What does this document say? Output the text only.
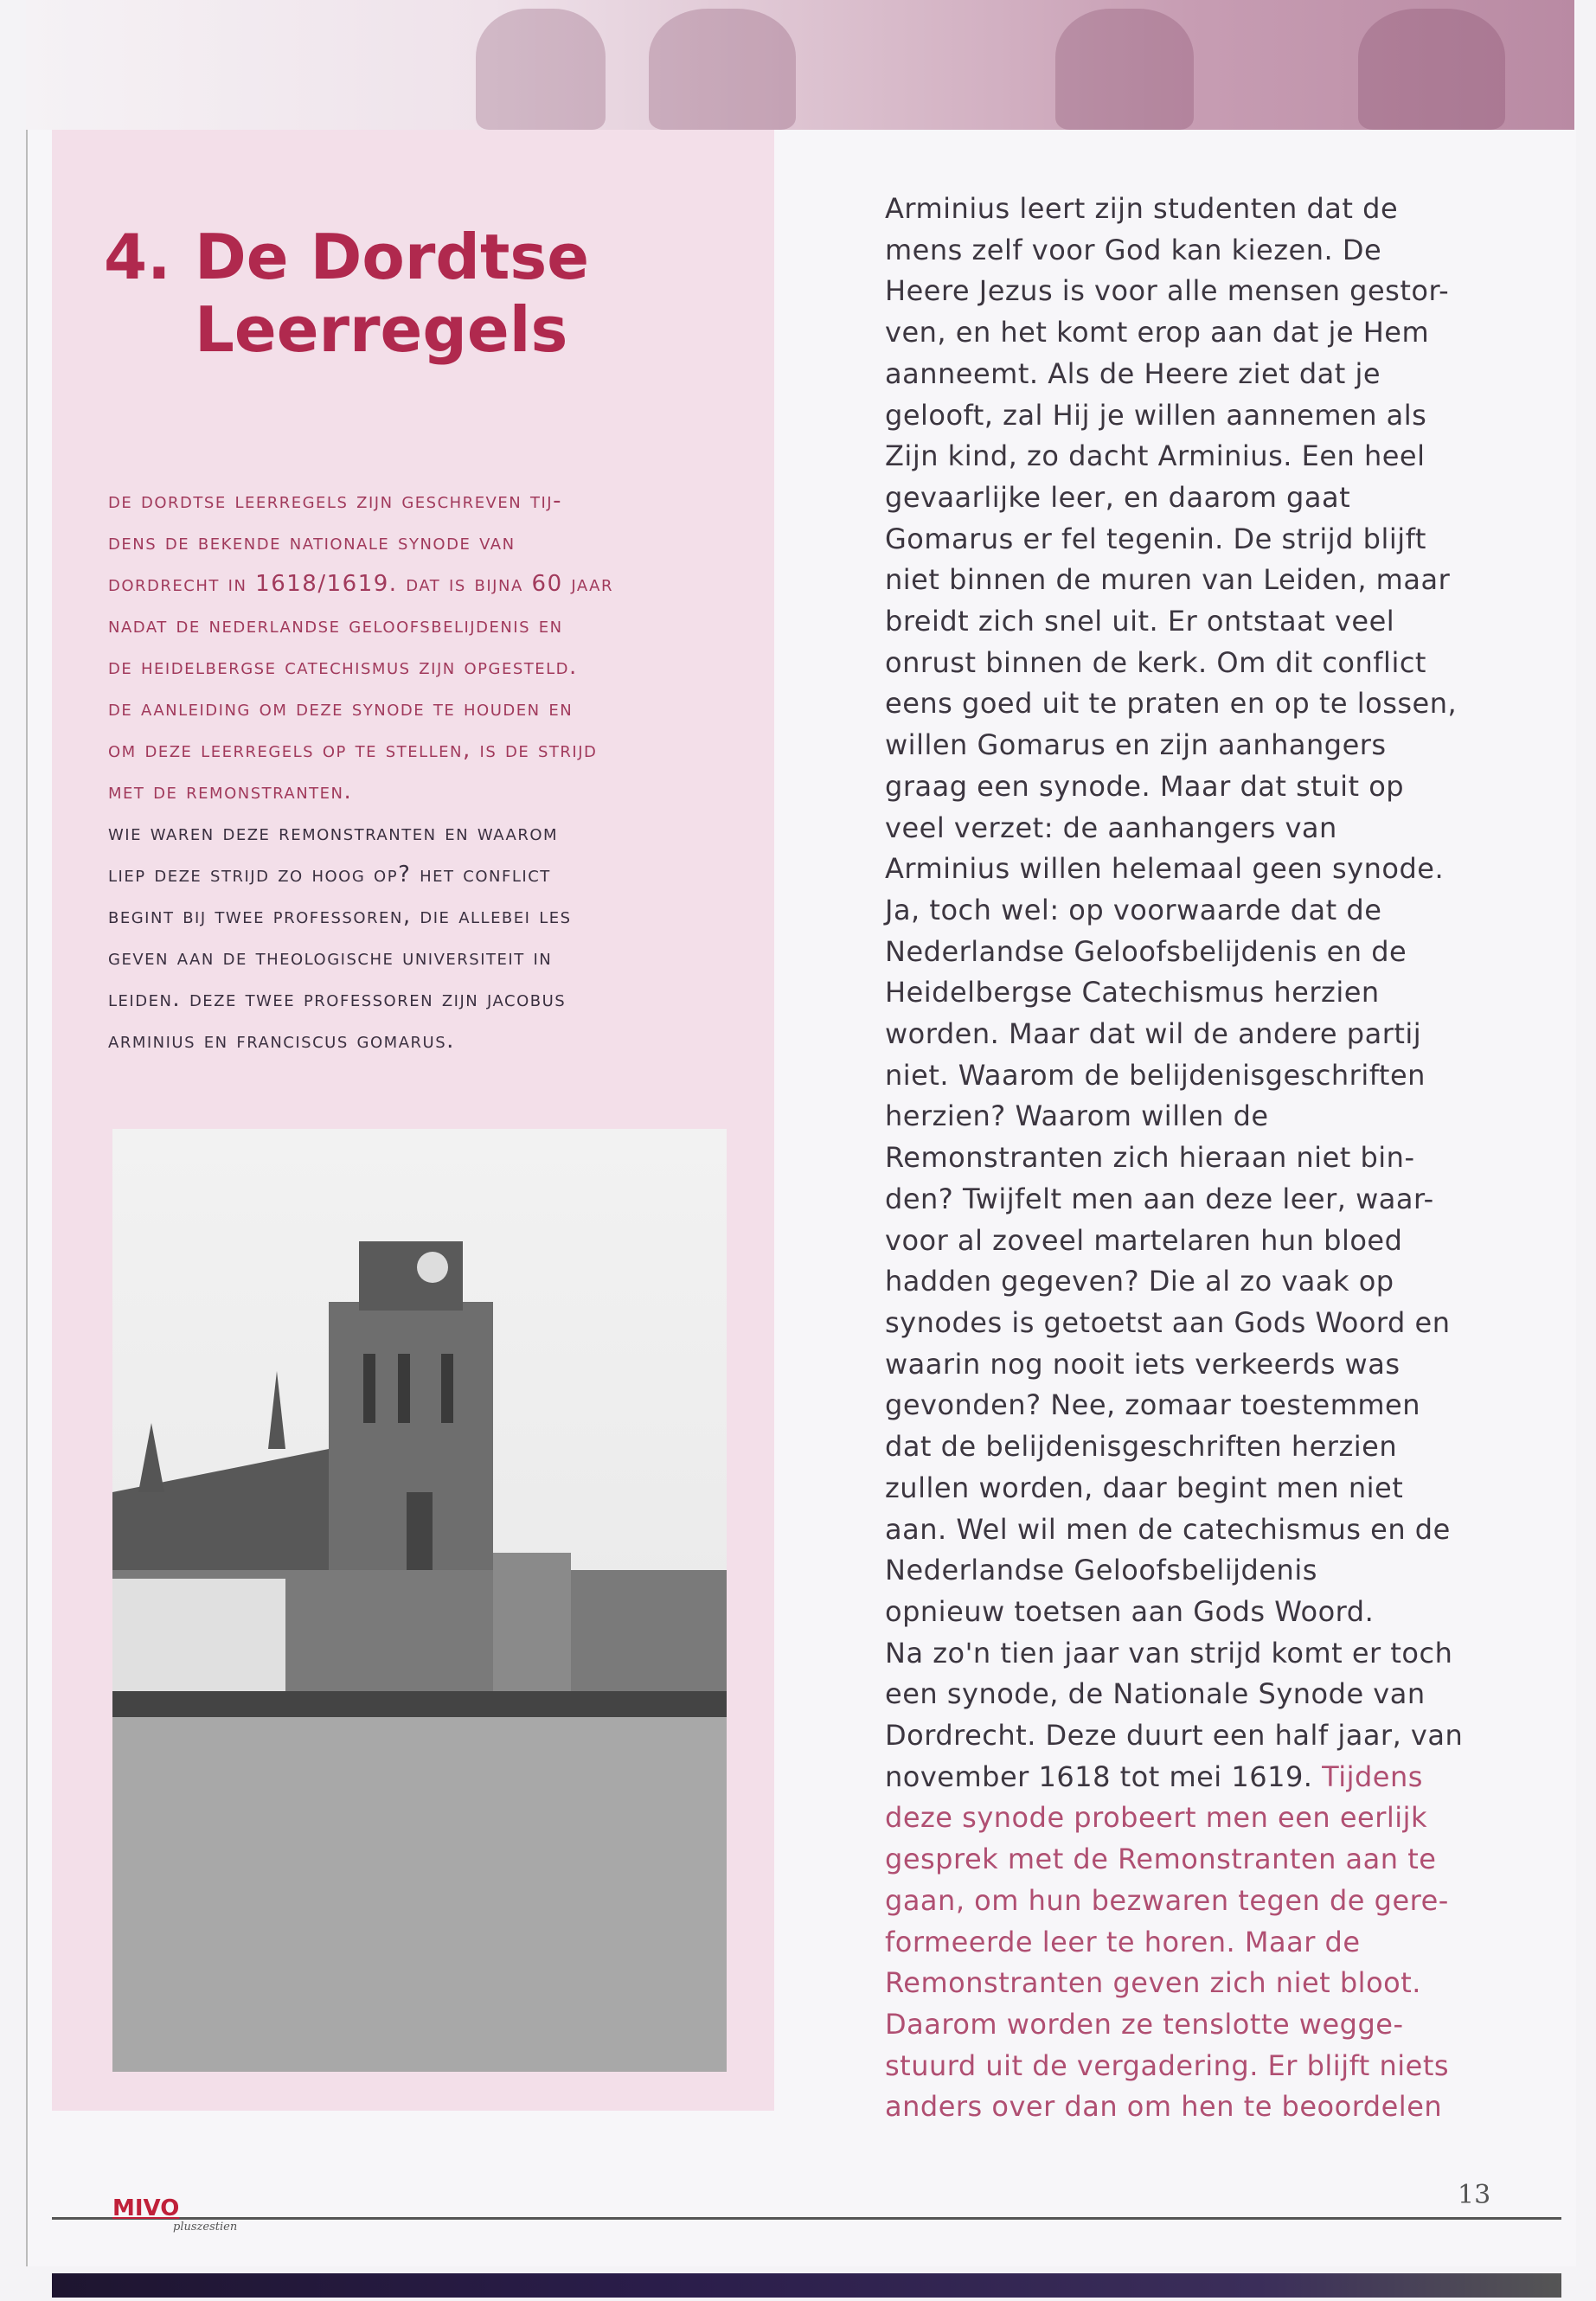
4. De Dordtse
Leerregels
de dordtse leerregels zijn geschreven tij-
dens de bekende nationale synode van
dordrecht in 1618/1619. dat is bijna 60 jaar
nadat de nederlandse geloofsbelijdenis en
de heidelbergse catechismus zijn opgesteld.
de aanleiding om deze synode te houden en
om deze leerregels op te stellen, is de strijd
met de remonstranten.
wie waren deze remonstranten en waarom
liep deze strijd zo hoog op? het conflict
begint bij twee professoren, die allebei les
geven aan de theologische universiteit in
leiden. deze twee professoren zijn jacobus
arminius en franciscus gomarus.
Arminius leert zijn studenten dat de
mens zelf voor God kan kiezen. De
Heere Jezus is voor alle mensen gestor-
ven, en het komt erop aan dat je Hem
aanneemt. Als de Heere ziet dat je
gelooft, zal Hij je willen aannemen als
Zijn kind, zo dacht Arminius. Een heel
gevaarlijke leer, en daarom gaat
Gomarus er fel tegenin. De strijd blijft
niet binnen de muren van Leiden, maar
breidt zich snel uit. Er ontstaat veel
onrust binnen de kerk. Om dit conflict
eens goed uit te praten en op te lossen,
willen Gomarus en zijn aanhangers
graag een synode. Maar dat stuit op
veel verzet: de aanhangers van
Arminius willen helemaal geen synode.
Ja, toch wel: op voorwaarde dat de
Nederlandse Geloofsbelijdenis en de
Heidelbergse Catechismus herzien
worden. Maar dat wil de andere partij
niet. Waarom de belijdenisgeschriften
herzien? Waarom willen de
Remonstranten zich hieraan niet bin-
den? Twijfelt men aan deze leer, waar-
voor al zoveel martelaren hun bloed
hadden gegeven? Die al zo vaak op
synodes is getoetst aan Gods Woord en
waarin nog nooit iets verkeerds was
gevonden? Nee, zomaar toestemmen
dat de belijdenisgeschriften herzien
zullen worden, daar begint men niet
aan. Wel wil men de catechismus en de
Nederlandse Geloofsbelijdenis
opnieuw toetsen aan Gods Woord.
Na zo'n tien jaar van strijd komt er toch
een synode, de Nationale Synode van
Dordrecht. Deze duurt een half jaar, van
november 1618 tot mei 1619. Tijdens
deze synode probeert men een eerlijk
gesprek met de Remonstranten aan te
gaan, om hun bezwaren tegen de gere-
formeerde leer te horen. Maar de
Remonstranten geven zich niet bloot.
Daarom worden ze tenslotte wegge-
stuurd uit de vergadering. Er blijft niets
anders over dan om hen te beoordelen
MIVO
pluszestien
13
